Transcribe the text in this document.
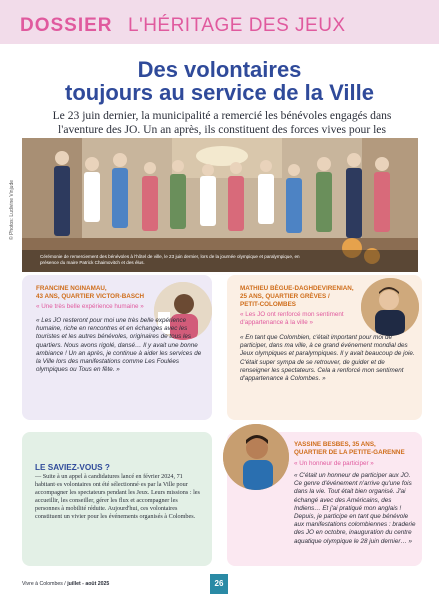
DOSSIER L'HÉRITAGE DES JEUX
Des volontaires
toujours au service de la Ville
Le 23 juin dernier, la municipalité a remercié les bénévoles engagés dans l'aventure des JO. Un an après, ils constituent des forces vives pour les
Cérémonie de remerciement des bénévoles à l'hôtel de ville, le 23 juin dernier, lors de la journée olympique et paralympique, en présence du maire Patrick Chaimovitch et des élus.
© Photos: Ludivine Vinjude
FRANCINE NGINAMAU,
43 ANS, QUARTIER VICTOR-BASCH
« Une très belle expérience humaine »
« Les JO resteront pour moi une très belle expérience humaine, riche en rencontres et en échanges avec les touristes et les autres bénévoles, originaires de tous les quartiers. Nous avons rigolé, dansé… Il y avait une bonne ambiance ! Un an après, je continue à aider les services de la Ville lors des manifestations comme Les Foulées olympiques ou Tous en fête. »
MATHIEU BÈGUE-DAGHDEVIRENIAN,
25 ANS, QUARTIER GRÈVES /
PETIT-COLOMBES
« Les JO ont renforcé mon sentiment d'appartenance à la ville »
« En tant que Colombien, c'était important pour moi de participer, dans ma ville, à ce grand événement mondial des Jeux olympiques et paralympiques. Il y avait beaucoup de joie. C'était super sympa de se retrouver, de guider et de renseigner les spectateurs. Cela a renforcé mon sentiment d'appartenance à Colombes. »
LE SAVIEZ-VOUS ?
— Suite à un appel à candidatures lancé en février 2024, 71 habitant·es volontaires ont été sélectionné·es par la Ville pour accompagner les spectateurs pendant les Jeux. Leurs missions : les accueillir, les conseiller, gérer les flux et accompagner les personnes à mobilité réduite. Aujourd'hui, ces volontaires constituent un vivier pour les événements organisés à Colombes.
YASSINE BESBES, 35 ANS,
QUARTIER DE LA PETITE-GARENNE
« Un honneur de participer »
« C'était un honneur de participer aux JO. Ce genre d'événement n'arrive qu'une fois dans la vie. Tout était bien organisé. J'ai échangé avec des Américains, des Indiens… Et j'ai pratiqué mon anglais ! Depuis, je participe en tant que bénévole aux manifestations colombiennes : braderie des JO en octobre, inauguration du centre aquatique olympique le 28 juin dernier… »
Vivre à Colombes / juillet - août 2025	26
